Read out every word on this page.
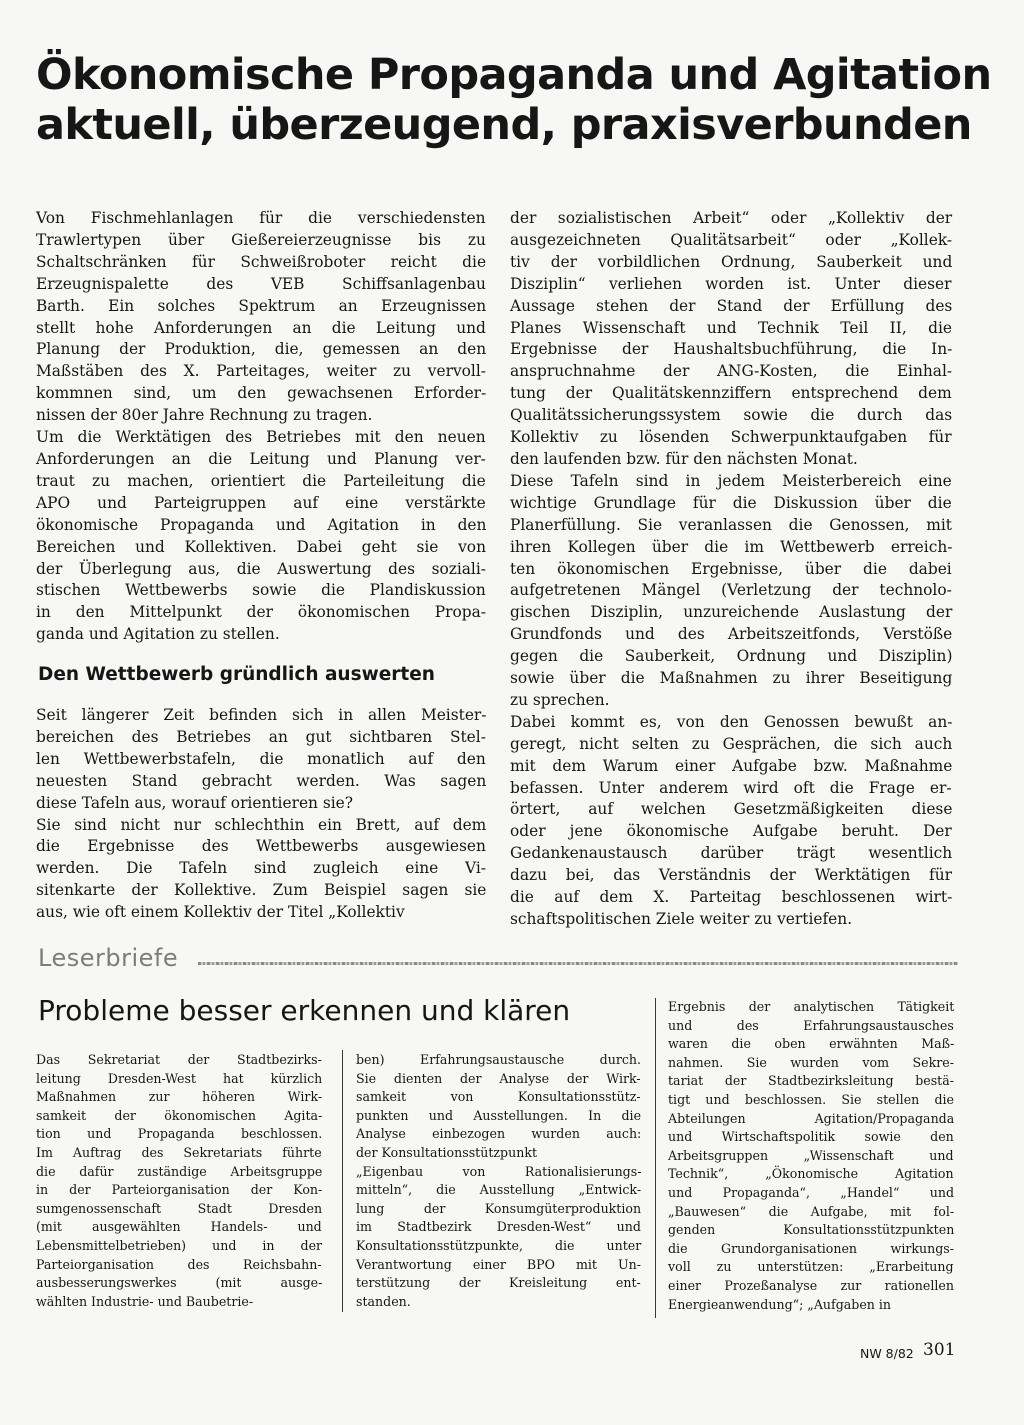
Ökonomische Propaganda und Agitation
aktuell, überzeugend, praxisverbunden
Von Fischmehlanlagen für die verschiedensten
Trawlertypen über Gießereierzeugnisse bis zu
Schaltschränken für Schweißroboter reicht die
Erzeugnispalette des VEB Schiffsanlagenbau
Barth. Ein solches Spektrum an Erzeugnissen
stellt hohe Anforderungen an die Leitung und
Planung der Produktion, die, gemessen an den
Maßstäben des X. Parteitages, weiter zu vervoll-
kommnen sind, um den gewachsenen Erforder-
nissen der 80er Jahre Rechnung zu tragen.
Um die Werktätigen des Betriebes mit den neuen
Anforderungen an die Leitung und Planung ver-
traut zu machen, orientiert die Parteileitung die
APO und Parteigruppen auf eine verstärkte
ökonomische Propaganda und Agitation in den
Bereichen und Kollektiven. Dabei geht sie von
der Überlegung aus, die Auswertung des soziali-
stischen Wettbewerbs sowie die Plandiskussion
in den Mittelpunkt der ökonomischen Propa-
ganda und Agitation zu stellen.
Den Wettbewerb gründlich auswerten
Seit längerer Zeit befinden sich in allen Meister-
bereichen des Betriebes an gut sichtbaren Stel-
len Wettbewerbstafeln, die monatlich auf den
neuesten Stand gebracht werden. Was sagen
diese Tafeln aus, worauf orientieren sie?
Sie sind nicht nur schlechthin ein Brett, auf dem
die Ergebnisse des Wettbewerbs ausgewiesen
werden. Die Tafeln sind zugleich eine Vi-
sitenkarte der Kollektive. Zum Beispiel sagen sie
aus, wie oft einem Kollektiv der Titel „Kollektiv
der sozialistischen Arbeit“ oder „Kollektiv der
ausgezeichneten Qualitätsarbeit“ oder „Kollek-
tiv der vorbildlichen Ordnung, Sauberkeit und
Disziplin“ verliehen worden ist. Unter dieser
Aussage stehen der Stand der Erfüllung des
Planes Wissenschaft und Technik Teil II, die
Ergebnisse der Haushaltsbuchführung, die In-
anspruchnahme der ANG-Kosten, die Einhal-
tung der Qualitätskennziffern entsprechend dem
Qualitätssicherungssystem sowie die durch das
Kollektiv zu lösenden Schwerpunktaufgaben für
den laufenden bzw. für den nächsten Monat.
Diese Tafeln sind in jedem Meisterbereich eine
wichtige Grundlage für die Diskussion über die
Planerfüllung. Sie veranlassen die Genossen, mit
ihren Kollegen über die im Wettbewerb erreich-
ten ökonomischen Ergebnisse, über die dabei
aufgetretenen Mängel (Verletzung der technolo-
gischen Disziplin, unzureichende Auslastung der
Grundfonds und des Arbeitszeitfonds, Verstöße
gegen die Sauberkeit, Ordnung und Disziplin)
sowie über die Maßnahmen zu ihrer Beseitigung
zu sprechen.
Dabei kommt es, von den Genossen bewußt an-
geregt, nicht selten zu Gesprächen, die sich auch
mit dem Warum einer Aufgabe bzw. Maßnahme
befassen. Unter anderem wird oft die Frage er-
örtert, auf welchen Gesetzmäßigkeiten diese
oder jene ökonomische Aufgabe beruht. Der
Gedankenaustausch darüber trägt wesentlich
dazu bei, das Verständnis der Werktätigen für
die auf dem X. Parteitag beschlossenen wirt-
schaftspolitischen Ziele weiter zu vertiefen.
Leserbriefe
Probleme besser erkennen und klären
Das Sekretariat der Stadtbezirks-
leitung Dresden-West hat kürzlich
Maßnahmen zur höheren Wirk-
samkeit der ökonomischen Agita-
tion und Propaganda beschlossen.
Im Auftrag des Sekretariats führte
die dafür zuständige Arbeitsgruppe
in der Parteiorganisation der Kon-
sumgenossenschaft Stadt Dresden
(mit ausgewählten Handels- und
Lebensmittelbetrieben) und in der
Parteiorganisation des Reichsbahn-
ausbesserungswerkes (mit ausge-
wählten Industrie- und Baubetrie-
ben) Erfahrungsaustausche durch.
Sie dienten der Analyse der Wirk-
samkeit von Konsultationsstütz-
punkten und Ausstellungen. In die
Analyse einbezogen wurden auch:
der Konsultationsstützpunkt
„Eigenbau von Rationalisierungs-
mitteln“, die Ausstellung „Entwick-
lung der Konsumgüterproduktion
im Stadtbezirk Dresden-West“ und
Konsultationsstützpunkte, die unter
Verantwortung einer BPO mit Un-
terstützung der Kreisleitung ent-
standen.
Ergebnis der analytischen Tätigkeit
und des Erfahrungsaustausches
waren die oben erwähnten Maß-
nahmen. Sie wurden vom Sekre-
tariat der Stadtbezirksleitung bestä-
tigt und beschlossen. Sie stellen die
Abteilungen Agitation/Propaganda
und Wirtschaftspolitik sowie den
Arbeitsgruppen „Wissenschaft und
Technik“, „Ökonomische Agitation
und Propaganda“, „Handel“ und
„Bauwesen“ die Aufgabe, mit fol-
genden Konsultationsstützpunkten
die Grundorganisationen wirkungs-
voll zu unterstützen: „Erarbeitung
einer Prozeßanalyse zur rationellen
Energieanwendung“; „Aufgaben in
NW 8/82 301
